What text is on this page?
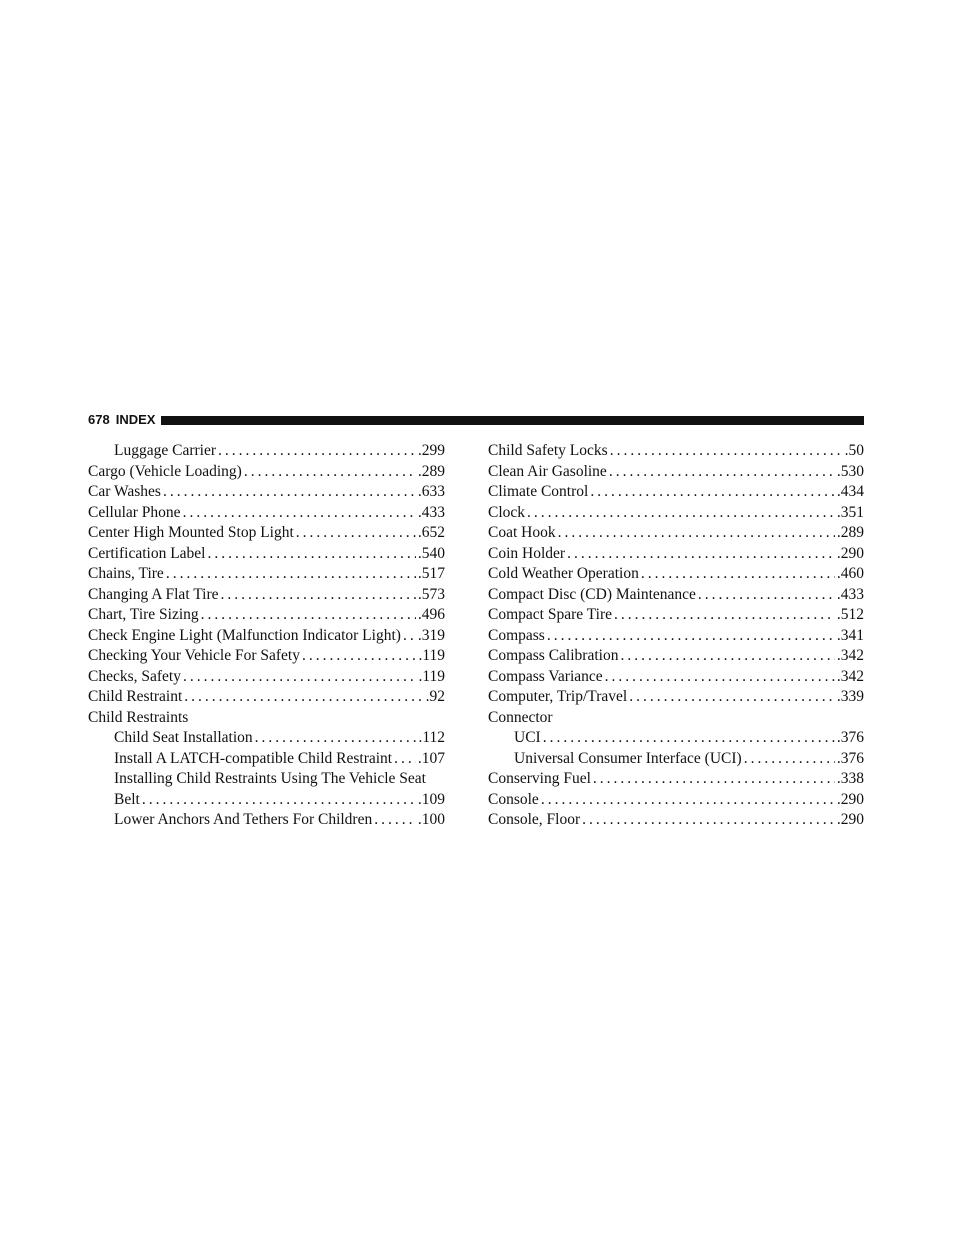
678 INDEX
Luggage Carrier .....	.299
Cargo (Vehicle Loading) .....	.289
Car Washes .....	.633
Cellular Phone .....	.433
Center High Mounted Stop Light .....	.652
Certification Label .....	.540
Chains, Tire .....	.517
Changing A Flat Tire .....	.573
Chart, Tire Sizing .....	.496
Check Engine Light (Malfunction Indicator Light) ..... .319
Checking Your Vehicle For Safety .....	.119
Checks, Safety .....	.119
Child Restraint .....	.92
Child Restraints
Child Seat Installation .....	.112
Install A LATCH-compatible Child Restraint ..... .107
Installing Child Restraints Using The Vehicle Seat
Belt .....	.109
Lower Anchors And Tethers For Children .....	.100
Child Safety Locks .....	.50
Clean Air Gasoline .....	.530
Climate Control .....	.434
Clock .....	.351
Coat Hook .....	.289
Coin Holder .....	.290
Cold Weather Operation .....	.460
Compact Disc (CD) Maintenance .....	.433
Compact Spare Tire .....	.512
Compass .....	.341
Compass Calibration .....	.342
Compass Variance .....	.342
Computer, Trip/Travel .....	.339
Connector
UCI .....	.376
Universal Consumer Interface (UCI) .....	.376
Conserving Fuel .....	.338
Console .....	.290
Console, Floor .....	.290
